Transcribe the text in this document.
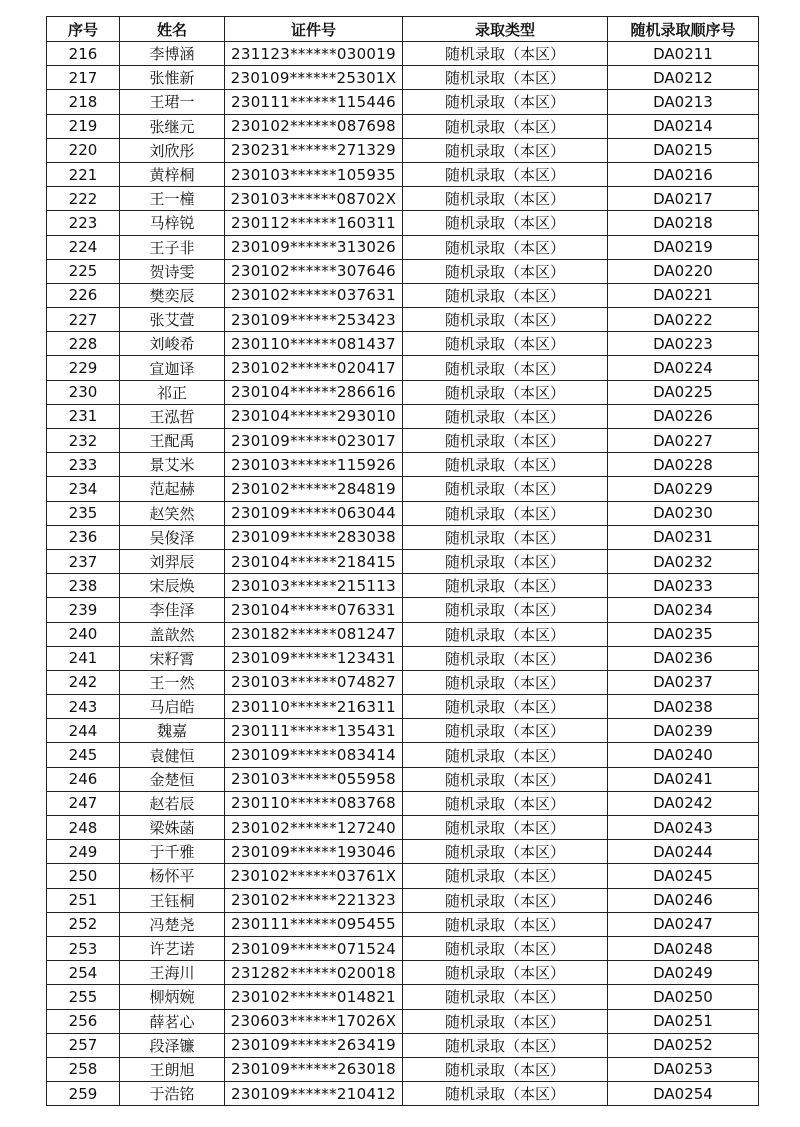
序号	姓名	证件号	录取类型	随机录取顺序号
216	李博涵	231123******030019	随机录取（本区）	DA0211
217	张惟新	230109******25301X	随机录取（本区）	DA0212
218	王珺一	230111******115446	随机录取（本区）	DA0213
219	张继元	230102******087698	随机录取（本区）	DA0214
220	刘欣彤	230231******271329	随机录取（本区）	DA0215
221	黄梓桐	230103******105935	随机录取（本区）	DA0216
222	王一橦	230103******08702X	随机录取（本区）	DA0217
223	马梓锐	230112******160311	随机录取（本区）	DA0218
224	王子非	230109******313026	随机录取（本区）	DA0219
225	贺诗雯	230102******307646	随机录取（本区）	DA0220
226	樊奕辰	230102******037631	随机录取（本区）	DA0221
227	张艾萱	230109******253423	随机录取（本区）	DA0222
228	刘峻希	230110******081437	随机录取（本区）	DA0223
229	宣迦译	230102******020417	随机录取（本区）	DA0224
230	祁正	230104******286616	随机录取（本区）	DA0225
231	王泓哲	230104******293010	随机录取（本区）	DA0226
232	王配禹	230109******023017	随机录取（本区）	DA0227
233	景艾米	230103******115926	随机录取（本区）	DA0228
234	范起赫	230102******284819	随机录取（本区）	DA0229
235	赵笑然	230109******063044	随机录取（本区）	DA0230
236	吴俊泽	230109******283038	随机录取（本区）	DA0231
237	刘羿辰	230104******218415	随机录取（本区）	DA0232
238	宋辰焕	230103******215113	随机录取（本区）	DA0233
239	李佳泽	230104******076331	随机录取（本区）	DA0234
240	盖歆然	230182******081247	随机录取（本区）	DA0235
241	宋籽霄	230109******123431	随机录取（本区）	DA0236
242	王一然	230103******074827	随机录取（本区）	DA0237
243	马启皓	230110******216311	随机录取（本区）	DA0238
244	魏嘉	230111******135431	随机录取（本区）	DA0239
245	袁健恒	230109******083414	随机录取（本区）	DA0240
246	金楚恒	230103******055958	随机录取（本区）	DA0241
247	赵若辰	230110******083768	随机录取（本区）	DA0242
248	梁姝菡	230102******127240	随机录取（本区）	DA0243
249	于千雅	230109******193046	随机录取（本区）	DA0244
250	杨怀平	230102******03761X	随机录取（本区）	DA0245
251	王钰桐	230102******221323	随机录取（本区）	DA0246
252	冯楚尧	230111******095455	随机录取（本区）	DA0247
253	许艺诺	230109******071524	随机录取（本区）	DA0248
254	王海川	231282******020018	随机录取（本区）	DA0249
255	柳炳婉	230102******014821	随机录取（本区）	DA0250
256	薛茗心	230603******17026X	随机录取（本区）	DA0251
257	段泽镰	230109******263419	随机录取（本区）	DA0252
258	王朗旭	230109******263018	随机录取（本区）	DA0253
259	于浩铭	230109******210412	随机录取（本区）	DA0254
